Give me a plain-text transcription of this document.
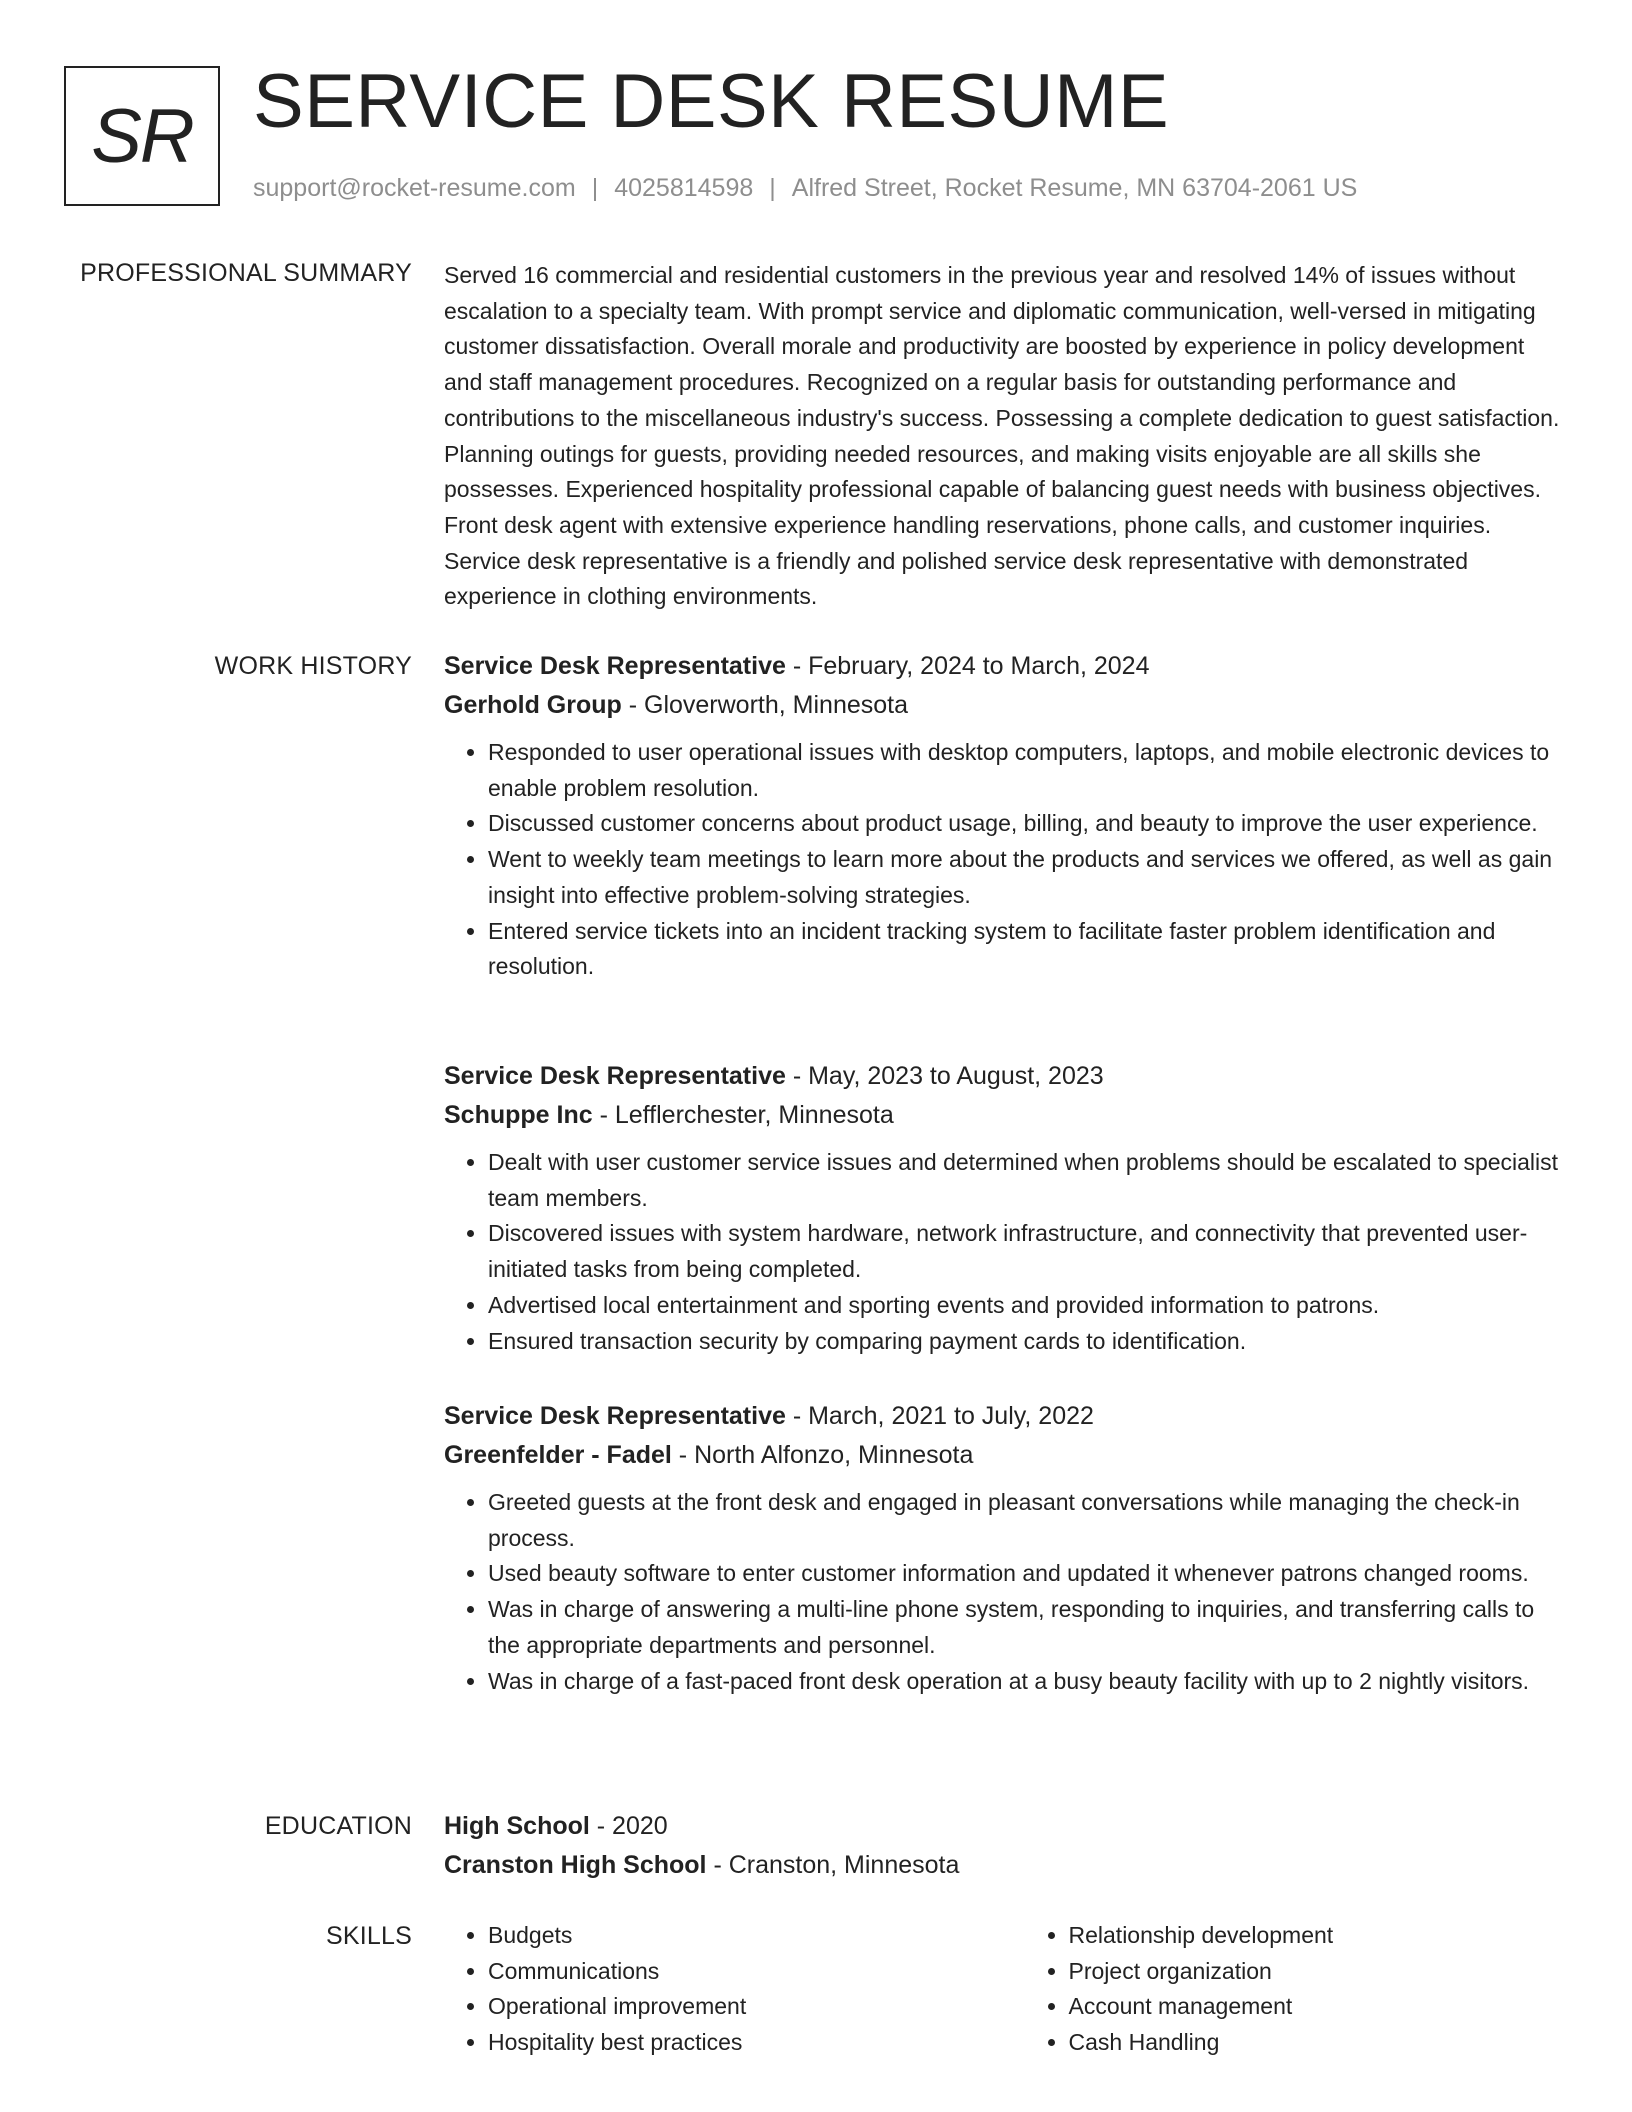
SR SERVICE DESK RESUME
support@rocket-resume.com | 4025814598 | Alfred Street, Rocket Resume, MN 63704-2061 US
PROFESSIONAL SUMMARY Served 16 commercial and residential customers in the previous year and resolved 14% of issues without escalation to a specialty team. With prompt service and diplomatic communication, well-versed in mitigating customer dissatisfaction. Overall morale and productivity are boosted by experience in policy development and staff management procedures. Recognized on a regular basis for outstanding performance and contributions to the miscellaneous industry's success. Possessing a complete dedication to guest satisfaction. Planning outings for guests, providing needed resources, and making visits enjoyable are all skills she possesses. Experienced hospitality professional capable of balancing guest needs with business objectives. Front desk agent with extensive experience handling reservations, phone calls, and customer inquiries. Service desk representative is a friendly and polished service desk representative with demonstrated experience in clothing environments.

WORK HISTORY Service Desk Representative - February, 2024 to March, 2024
Gerhold Group - Gloverworth, Minnesota
• Responded to user operational issues with desktop computers, laptops, and mobile electronic devices to enable problem resolution.
• Discussed customer concerns about product usage, billing, and beauty to improve the user experience.
• Went to weekly team meetings to learn more about the products and services we offered, as well as gain insight into effective problem-solving strategies.
• Entered service tickets into an incident tracking system to facilitate faster problem identification and resolution.
Service Desk Representative - May, 2023 to August, 2023
Schuppe Inc - Lefflerchester, Minnesota
• Dealt with user customer service issues and determined when problems should be escalated to specialist team members.
• Discovered issues with system hardware, network infrastructure, and connectivity that prevented user-initiated tasks from being completed.
• Advertised local entertainment and sporting events and provided information to patrons.
• Ensured transaction security by comparing payment cards to identification.
Service Desk Representative - March, 2021 to July, 2022
Greenfelder - Fadel - North Alfonzo, Minnesota
• Greeted guests at the front desk and engaged in pleasant conversations while managing the check-in process.
• Used beauty software to enter customer information and updated it whenever patrons changed rooms.
• Was in charge of answering a multi-line phone system, responding to inquiries, and transferring calls to the appropriate departments and personnel.
• Was in charge of a fast-paced front desk operation at a busy beauty facility with up to 2 nightly visitors.
EDUCATION High School - 2020
Cranston High School - Cranston, Minnesota
SKILLS
•	Budgets
• Communications
• Operational improvement
• Hospitality best practices
• Relationship development
• Project organization
• Account management
• Cash Handling
